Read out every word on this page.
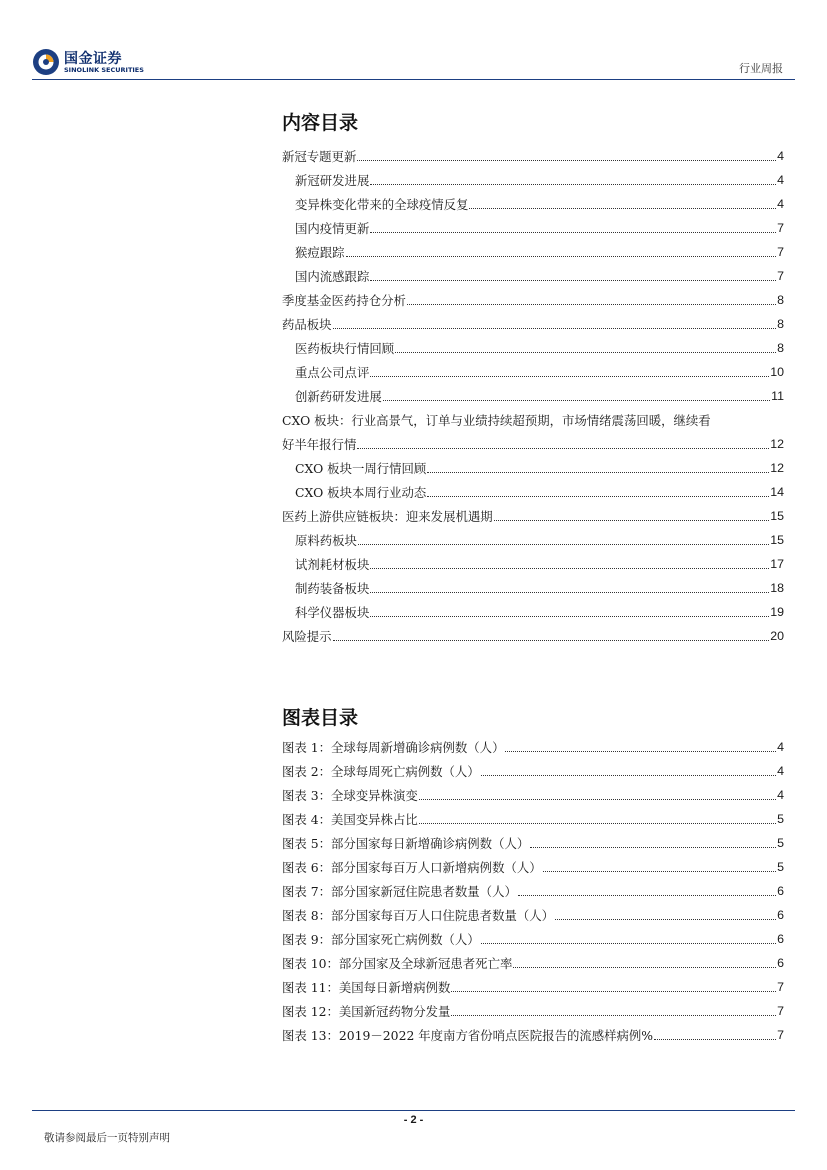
国金证券
SINOLINK SECURITIES	行业周报
内容目录
新冠专题更新	4
新冠研发进展	4
变异株变化带来的全球疫情反复	4
国内疫情更新	7
猴痘跟踪	7
国内流感跟踪	7
季度基金医药持仓分析	8
药品板块	8
医药板块行情回顾	8
重点公司点评	10
创新药研发进展	11
CXO 板块：行业高景气，订单与业绩持续超预期，市场情绪震荡回暖，继续看
好半年报行情	12
CXO 板块一周行情回顾	12
CXO 板块本周行业动态	14
医药上游供应链板块：迎来发展机遇期	15
原料药板块	15
试剂耗材板块	17
制药装备板块	18
科学仪器板块	19
风险提示	20
图表目录
图表 1：全球每周新增确诊病例数（人）	4
图表 2：全球每周死亡病例数（人）	4
图表 3：全球变异株演变	4
图表 4：美国变异株占比	5
图表 5：部分国家每日新增确诊病例数（人）	5
图表 6：部分国家每百万人口新增病例数（人）	5
图表 7：部分国家新冠住院患者数量（人）	6
图表 8：部分国家每百万人口住院患者数量（人）	6
图表 9：部分国家死亡病例数（人）	6
图表 10：部分国家及全球新冠患者死亡率	6
图表 11：美国每日新增病例数	7
图表 12：美国新冠药物分发量	7
图表 13：2019－2022 年度南方省份哨点医院报告的流感样病例%	7
- 2 -
敬请参阅最后一页特别声明
